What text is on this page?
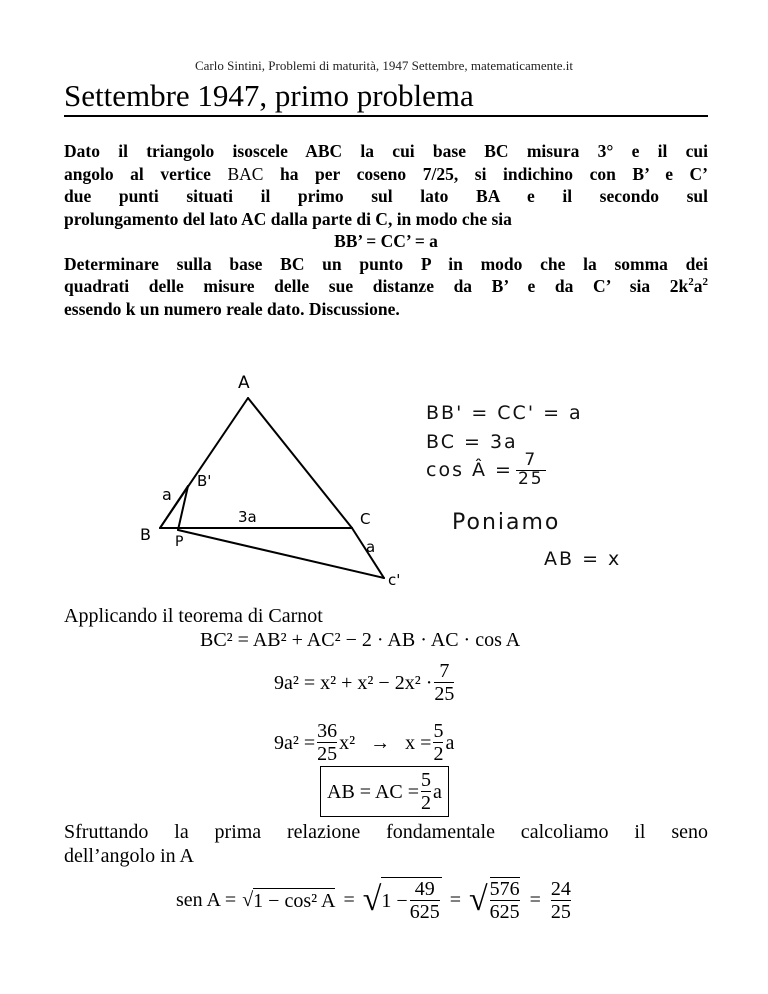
Carlo Sintini, Problemi di maturità, 1947 Settembre, matematicamente.it
Settembre 1947, primo problema

Dato il triangolo isoscele ABC la cui base BC misura 3° e il cui

angolo al vertice BAC ha per coseno 7/25, si indichino con B’ e C’

due punti situati il primo sul lato BA e il secondo sul

prolungamento del lato AC dalla parte di C, in modo che sia

BB’ = CC’ = a

Determinare sulla base BC un punto P in modo che la somma dei

quadrati delle misure delle sue distanze da B’ e da C’ sia $2k^2a^2$

essendo k un numero reale dato. Discussione.

A
B
B'
C
c'
P
a
a
3a
BB' = CC' = a
BC = 3a
cos Â = $\frac{7}{25}$
Poniamo
AB = x
Applicando il teorema di Carnot
BC² = AB² + AC² − 2 · AB · AC · cos A
$9a^2 = x^2 + x^2 - 2x^2 \cdot \frac{7}{25}$
$9a^2 = \frac{36}{25} x^2 \to x = \frac{5}{2}$ a
AB = AC = $\frac{5}{2}$ a
Sfruttando la prima relazione fondamentale calcoliamo il seno
dell’angolo in A
sen A = √ 1 − cos² A = √ $1 - \frac{49}{625}$ = √ $\frac{576}{625} = \frac{24}{25}$
